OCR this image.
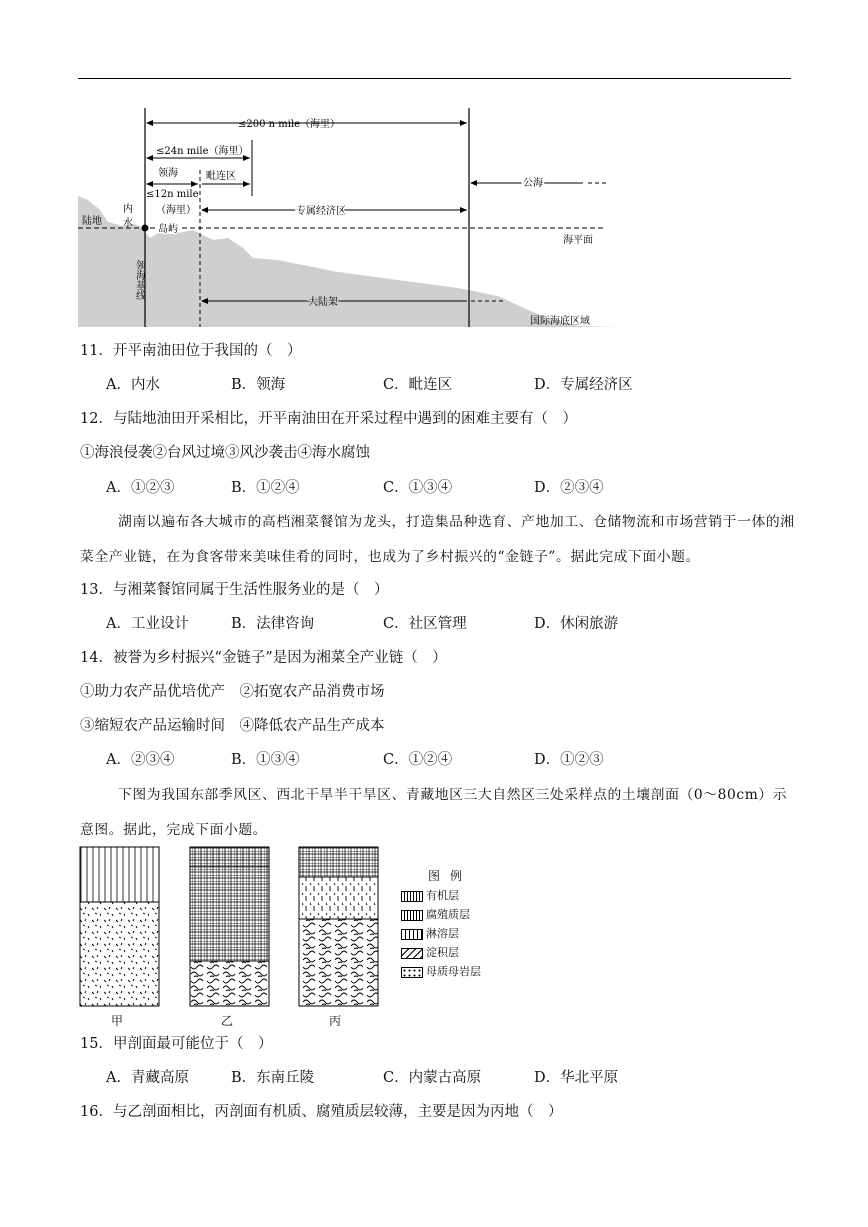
≤200 n mile（海里）
≤24n mile（海里）
领海	毗连区
≤12n mile
（海里）	专属经济区
公海
陆地
内
水
岛屿
海平面
领海基线
大陆架
国际海底区域
11．开平南油田位于我国的（　）
A．内水	B．领海	C．毗连区	D．专属经济区
12．与陆地油田开采相比，开平南油田在开采过程中遇到的困难主要有（　）
①海浪侵袭②台风过境③风沙袭击④海水腐蚀
A．①②③	B．①②④	C．①③④	D．②③④
湖南以遍布各大城市的高档湘菜餐馆为龙头，打造集品种选育、产地加工、仓储物流和市场营销于一体的湘菜全产业链，在为食客带来美味佳肴的同时，也成为了乡村振兴的“金链子”。据此完成下面小题。
13．与湘菜餐馆同属于生活性服务业的是（　）
A．工业设计	B．法律咨询	C．社区管理	D．休闲旅游
14．被誉为乡村振兴“金链子”是因为湘菜全产业链（　）
①助力农产品优培优产　②拓宽农产品消费市场
③缩短农产品运输时间　④降低农产品生产成本
A．②③④	B．①③④	C．①②④	D．①②③
下图为我国东部季风区、西北干旱半干旱区、青藏地区三大自然区三处采样点的土壤剖面（0～80cm）示意图。据此，完成下面小题。
甲	乙	丙
图例
有机层
腐殖质层
淋溶层
淀积层
母质母岩层
15．甲剖面最可能位于（　）
A．青藏高原	B．东南丘陵	C．内蒙古高原	D．华北平原
16．与乙剖面相比，丙剖面有机质、腐殖质层较薄，主要是因为丙地（　）
